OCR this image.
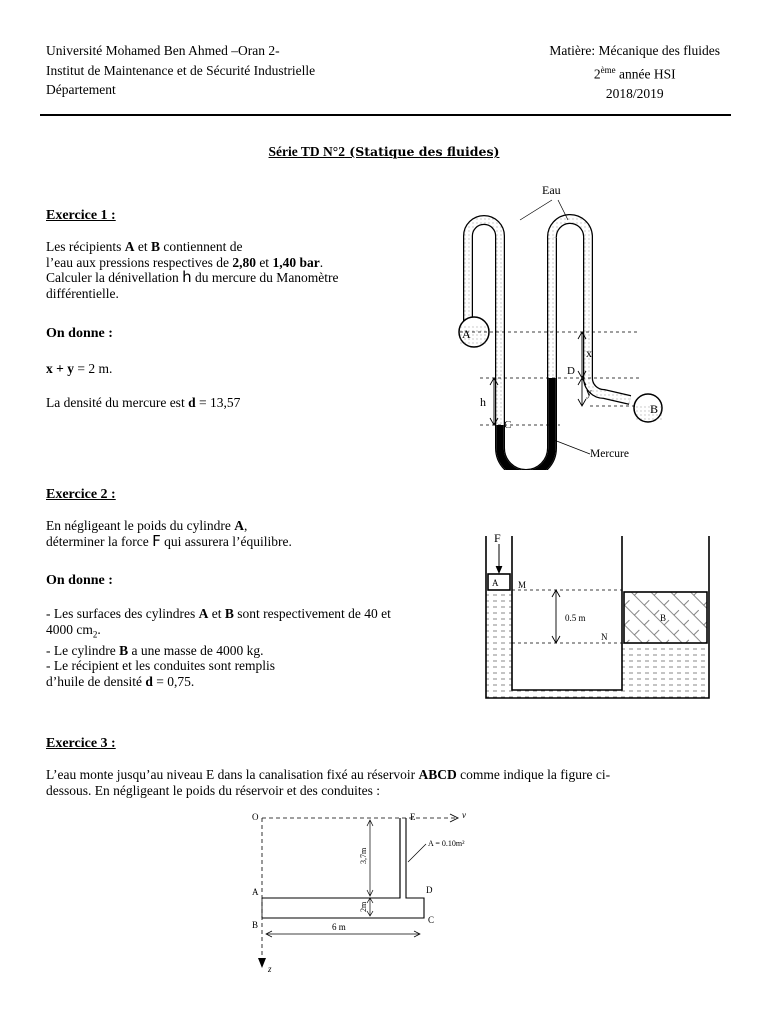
Université Mohamed Ben Ahmed –Oran 2-
Institut de Maintenance et de Sécurité Industrielle
Département
Matière: Mécanique des fluides
2ème année HSI
2018/2019
Série TD N°2 (Statique des fluides)
Exercice 1 :
Les récipients A et B contiennent de
l’eau aux pressions respectives de 2,80 et 1,40 bar.
Calculer la dénivellation h du mercure du Manomètre
différentielle.
On donne :
x + y = 2 m.
La densité du mercure est d = 13,57
Eau
Mercure
A
B
C
D
x
y
h
Exercice 2 :
En négligeant le poids du cylindre A,
déterminer la force F qui assurera l’équilibre.
On donne :
- Les surfaces des cylindres A et B sont respectivement de 40 et
4000 $cm_2$.
- Le cylindre B a une masse de 4000 kg.
- Le récipient et les conduites sont remplis
d’huile de densité d = 0,75.
F
A
B
M
N
0.5 m
Exercice 3 :
L’eau monte jusqu’au niveau E dans la canalisation fixé au réservoir ABCD comme indique la figure ci-
dessous. En négligeant le poids du réservoir et des conduites :
O	E
A
B	C
D
A = 0.10m²
3,7m
2m
6 m
z
v
